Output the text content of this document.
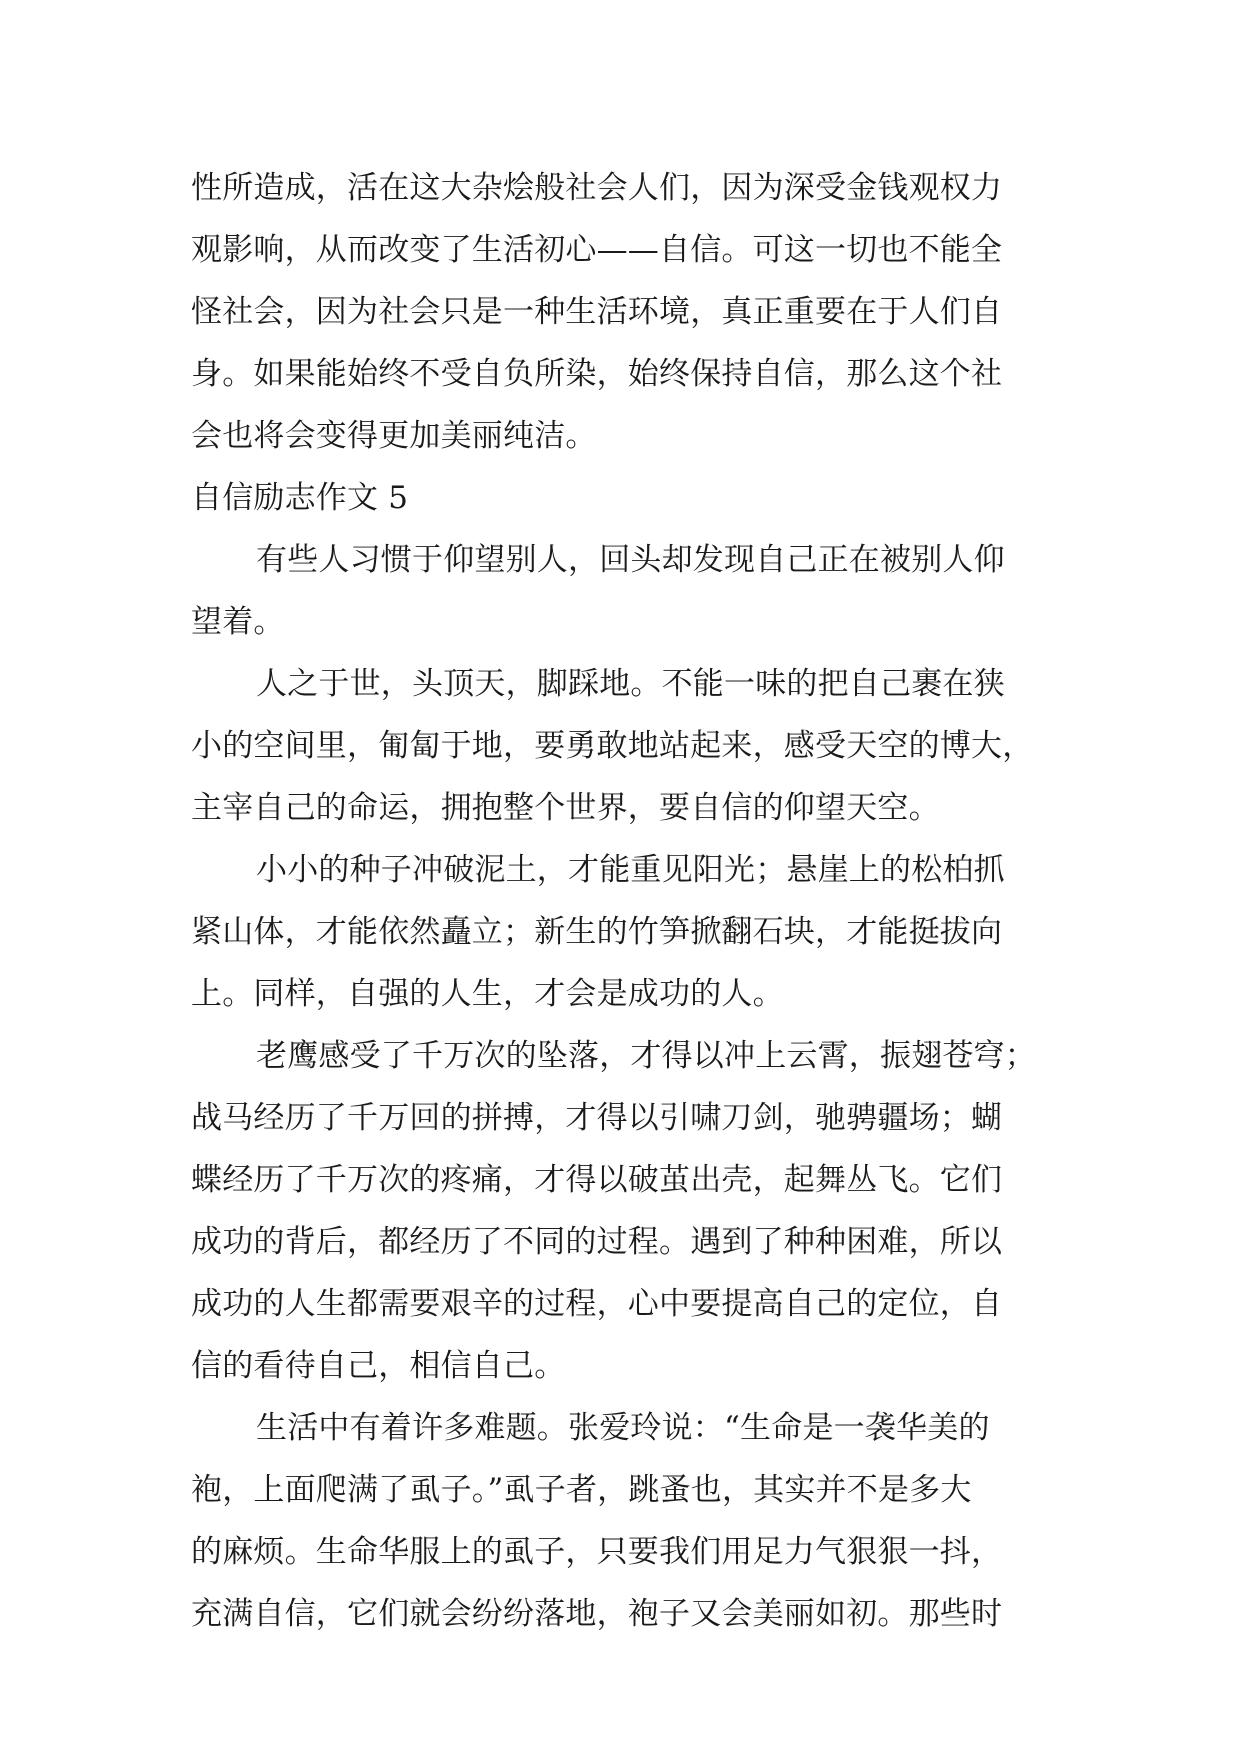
性所造成，活在这大杂烩般社会人们，因为深受金钱观权力
观影响，从而改变了生活初心——自信。可这一切也不能全
怪社会，因为社会只是一种生活环境，真正重要在于人们自
身。如果能始终不受自负所染，始终保持自信，那么这个社
会也将会变得更加美丽纯洁。
自信励志作文 5
有些人习惯于仰望别人，回头却发现自己正在被别人仰
望着。
人之于世，头顶天，脚踩地。不能一味的把自己裹在狭
小的空间里，匍匐于地，要勇敢地站起来，感受天空的博大，
主宰自己的命运，拥抱整个世界，要自信的仰望天空。
小小的种子冲破泥土，才能重见阳光；悬崖上的松柏抓
紧山体，才能依然矗立；新生的竹笋掀翻石块，才能挺拔向
上。同样，自强的人生，才会是成功的人。
老鹰感受了千万次的坠落，才得以冲上云霄，振翅苍穹；
战马经历了千万回的拼搏，才得以引啸刀剑，驰骋疆场；蝴
蝶经历了千万次的疼痛，才得以破茧出壳，起舞丛飞。它们
成功的背后，都经历了不同的过程。遇到了种种困难，所以
成功的人生都需要艰辛的过程，心中要提高自己的定位，自
信的看待自己，相信自己。
生活中有着许多难题。张爱玲说：“生命是一袭华美的
袍，上面爬满了虱子。”虱子者，跳蚤也，其实并不是多大
的麻烦。生命华服上的虱子，只要我们用足力气狠狠一抖，
充满自信，它们就会纷纷落地，袍子又会美丽如初。那些时
